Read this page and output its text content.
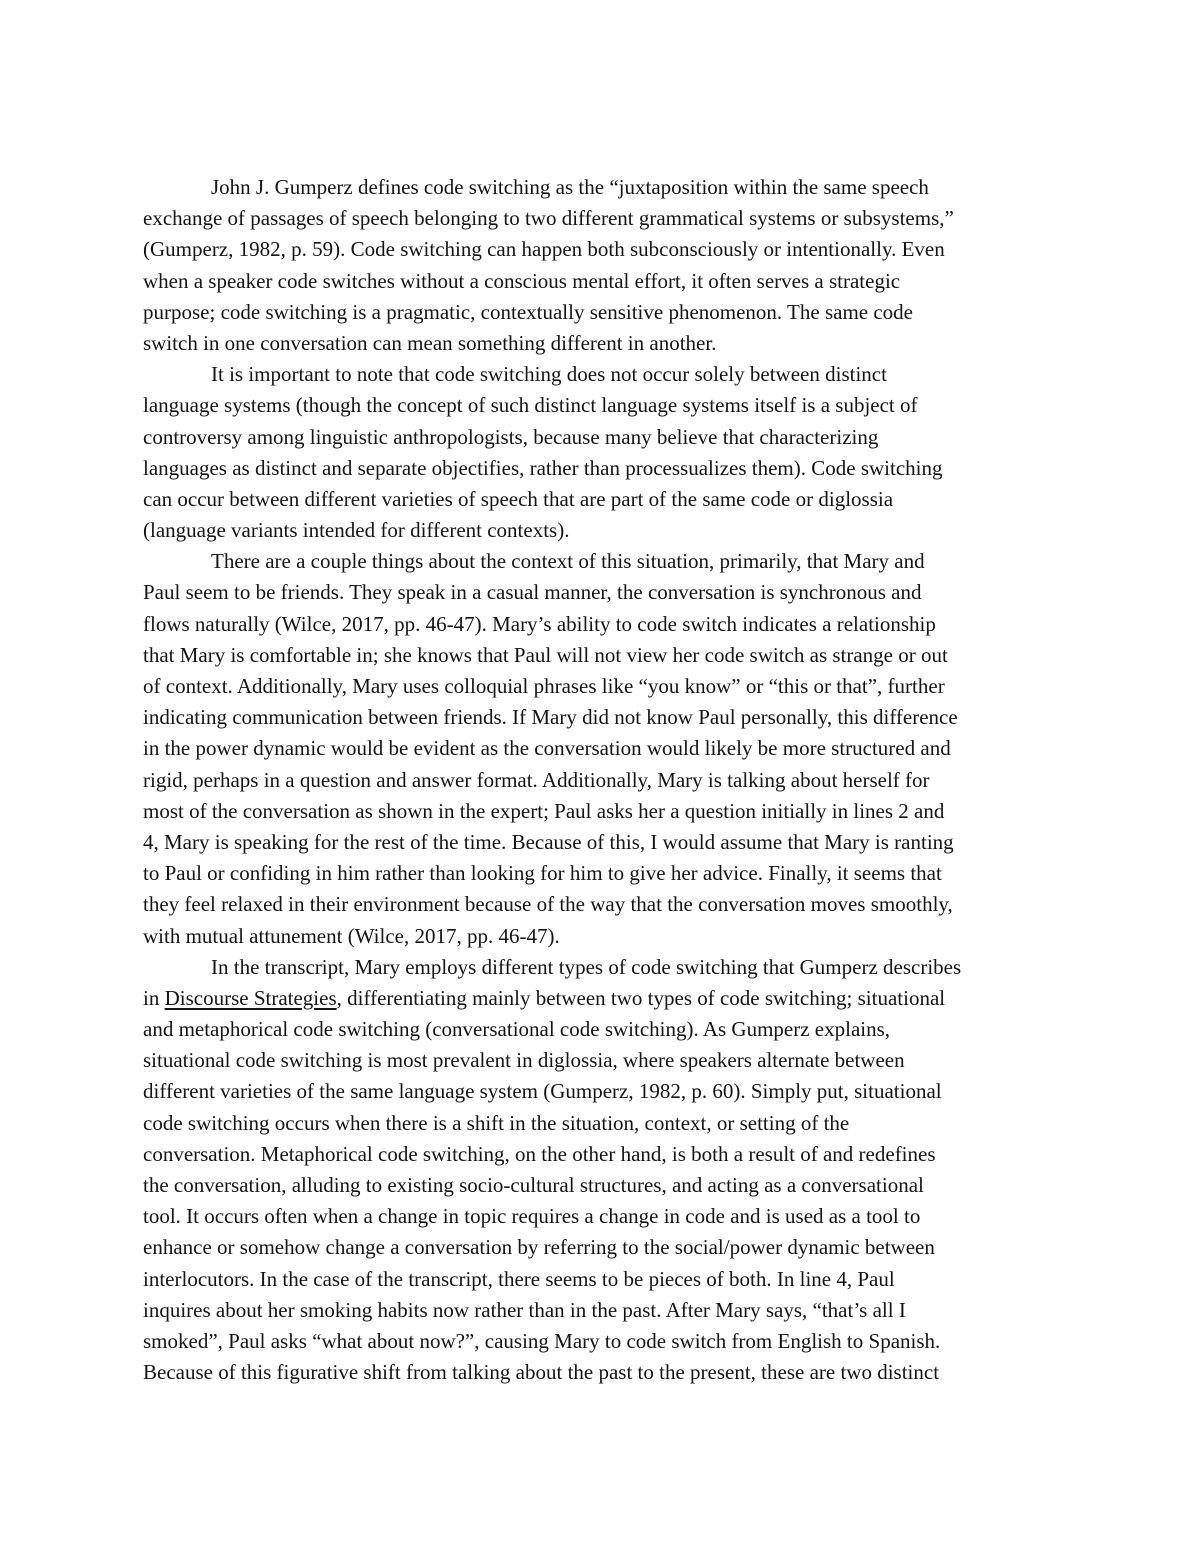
John J. Gumperz defines code switching as the “juxtaposition within the same speech
exchange of passages of speech belonging to two different grammatical systems or subsystems,”
(Gumperz, 1982, p. 59). Code switching can happen both subconsciously or intentionally. Even
when a speaker code switches without a conscious mental effort, it often serves a strategic
purpose; code switching is a pragmatic, contextually sensitive phenomenon. The same code
switch in one conversation can mean something different in another.
It is important to note that code switching does not occur solely between distinct
language systems (though the concept of such distinct language systems itself is a subject of
controversy among linguistic anthropologists, because many believe that characterizing
languages as distinct and separate objectifies, rather than processualizes them). Code switching
can occur between different varieties of speech that are part of the same code or diglossia
(language variants intended for different contexts).
There are a couple things about the context of this situation, primarily, that Mary and
Paul seem to be friends. They speak in a casual manner, the conversation is synchronous and
flows naturally (Wilce, 2017, pp. 46-47). Mary’s ability to code switch indicates a relationship
that Mary is comfortable in; she knows that Paul will not view her code switch as strange or out
of context. Additionally, Mary uses colloquial phrases like “you know” or “this or that”, further
indicating communication between friends. If Mary did not know Paul personally, this difference
in the power dynamic would be evident as the conversation would likely be more structured and
rigid, perhaps in a question and answer format. Additionally, Mary is talking about herself for
most of the conversation as shown in the expert; Paul asks her a question initially in lines 2 and
4, Mary is speaking for the rest of the time. Because of this, I would assume that Mary is ranting
to Paul or confiding in him rather than looking for him to give her advice. Finally, it seems that
they feel relaxed in their environment because of the way that the conversation moves smoothly,
with mutual attunement (Wilce, 2017, pp. 46-47).
In the transcript, Mary employs different types of code switching that Gumperz describes
in Discourse Strategies, differentiating mainly between two types of code switching; situational
and metaphorical code switching (conversational code switching). As Gumperz explains,
situational code switching is most prevalent in diglossia, where speakers alternate between
different varieties of the same language system (Gumperz, 1982, p. 60). Simply put, situational
code switching occurs when there is a shift in the situation, context, or setting of the
conversation. Metaphorical code switching, on the other hand, is both a result of and redefines
the conversation, alluding to existing socio-cultural structures, and acting as a conversational
tool. It occurs often when a change in topic requires a change in code and is used as a tool to
enhance or somehow change a conversation by referring to the social/power dynamic between
interlocutors. In the case of the transcript, there seems to be pieces of both. In line 4, Paul
inquires about her smoking habits now rather than in the past. After Mary says, “that’s all I
smoked”, Paul asks “what about now?”, causing Mary to code switch from English to Spanish.
Because of this figurative shift from talking about the past to the present, these are two distinct
